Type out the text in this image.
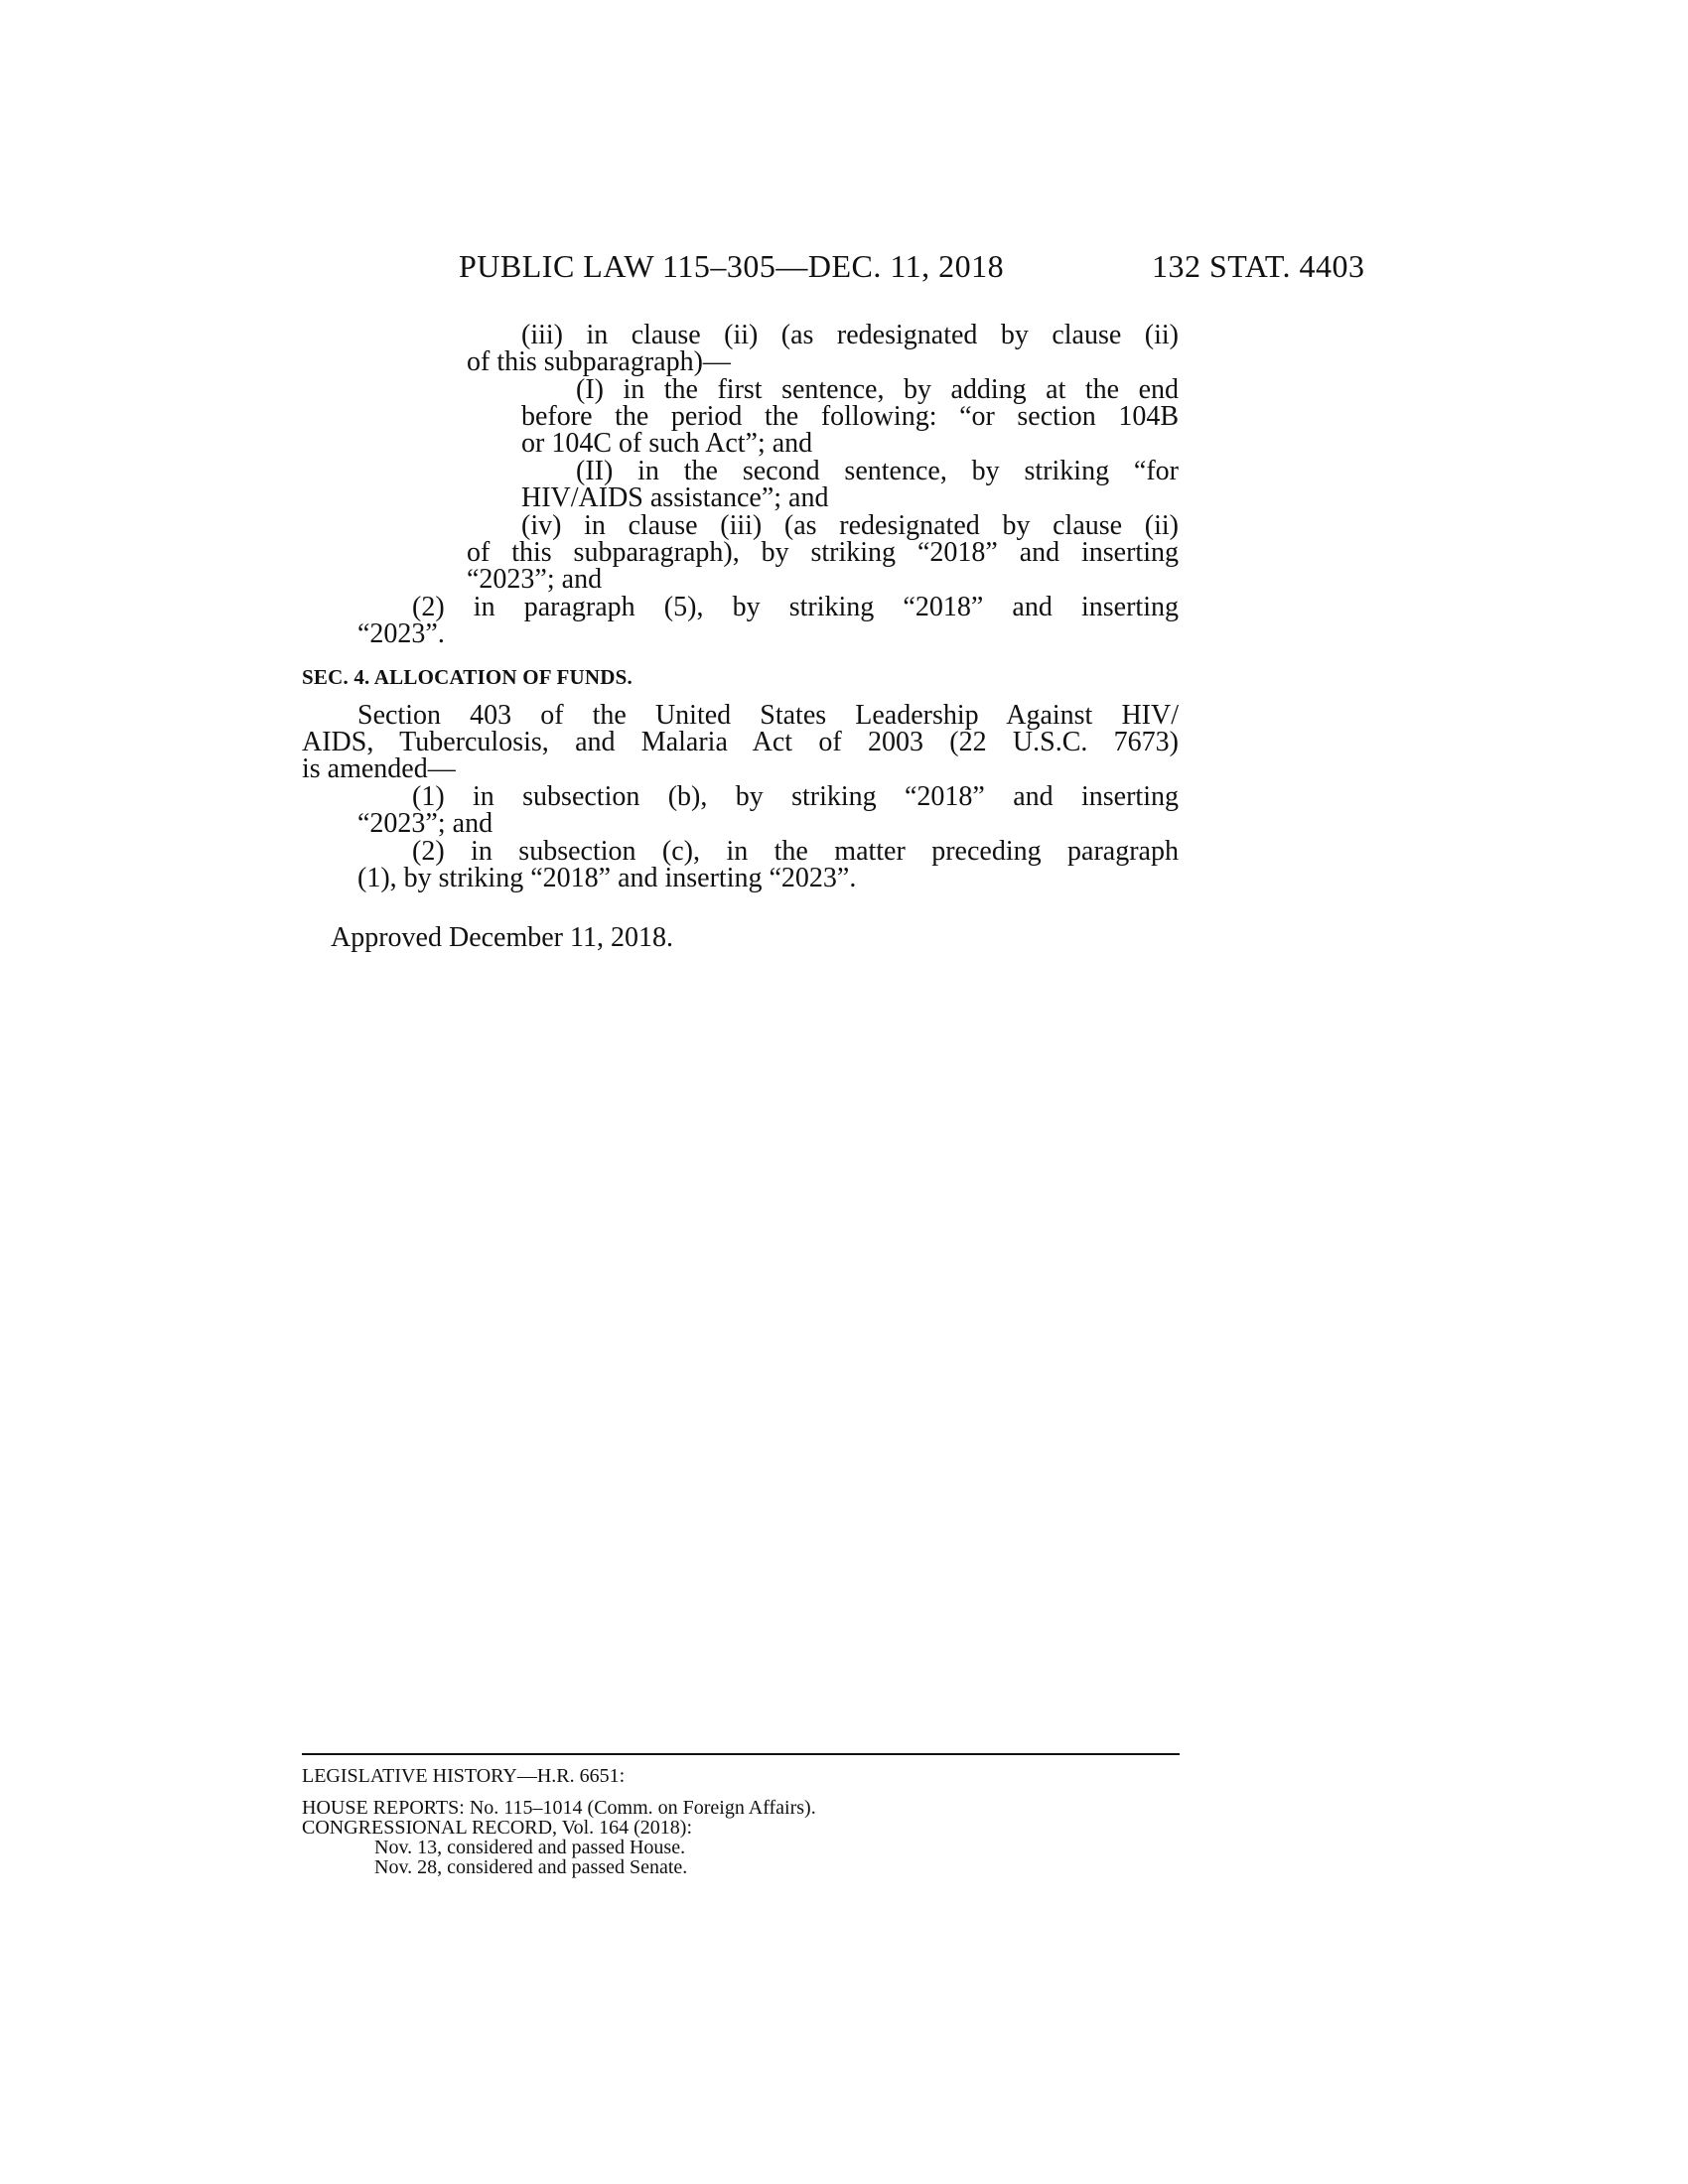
PUBLIC LAW 115–305—DEC. 11, 2018	132 STAT. 4403
(iii) in clause (ii) (as redesignated by clause (ii)
of this subparagraph)—
(I) in the first sentence, by adding at the end
before the period the following: “or section 104B
or 104C of such Act”; and
(II) in the second sentence, by striking “for
HIV/AIDS assistance”; and
(iv) in clause (iii) (as redesignated by clause (ii)
of this subparagraph), by striking “2018” and inserting
“2023”; and
(2) in paragraph (5), by striking “2018” and inserting
“2023”.
SEC. 4. ALLOCATION OF FUNDS.
Section 403 of the United States Leadership Against HIV/
AIDS, Tuberculosis, and Malaria Act of 2003 (22 U.S.C. 7673)
is amended—
(1) in subsection (b), by striking “2018” and inserting
“2023”; and
(2) in subsection (c), in the matter preceding paragraph
(1), by striking “2018” and inserting “2023”.
Approved December 11, 2018.
LEGISLATIVE HISTORY—H.R. 6651:
HOUSE REPORTS: No. 115–1014 (Comm. on Foreign Affairs).
CONGRESSIONAL RECORD, Vol. 164 (2018):
Nov. 13, considered and passed House.
Nov. 28, considered and passed Senate.
